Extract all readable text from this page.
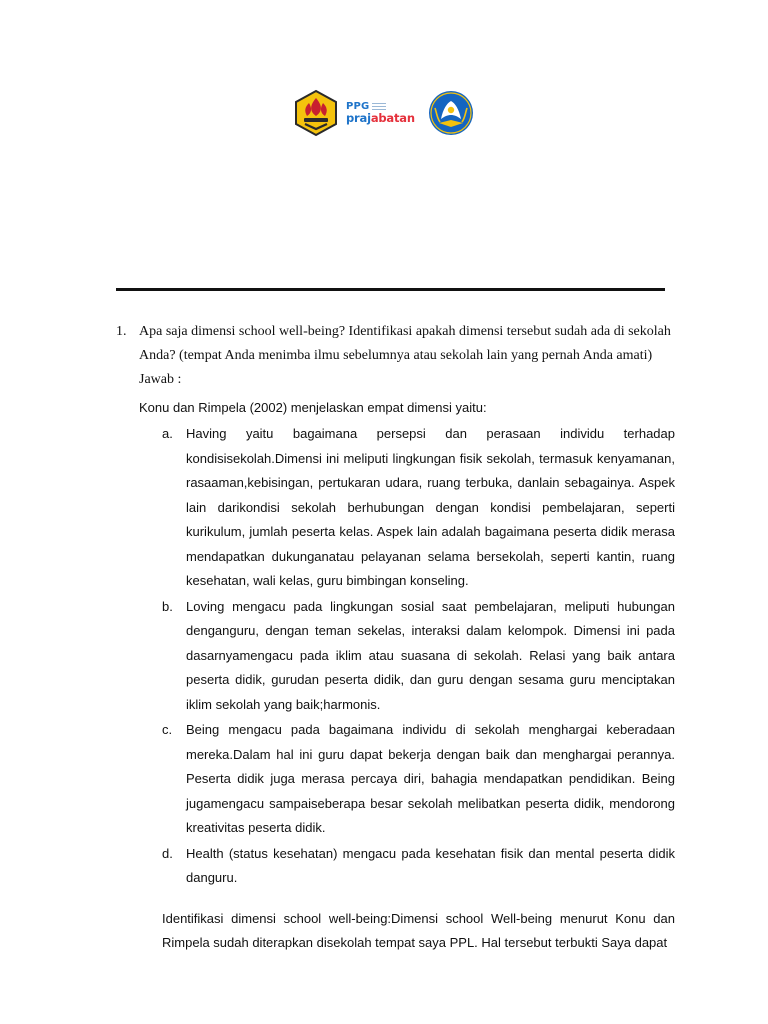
PPG
prajabatan
1. Apa saja dimensi school well-being? Identifikasi apakah dimensi tersebut sudah ada di sekolah Anda? (tempat Anda menimba ilmu sebelumnya atau sekolah lain yang pernah Anda amati)
Jawab :
Konu dan Rimpela (2002) menjelaskan empat dimensi yaitu:
a. Having yaitu bagaimana persepsi dan perasaan individu terhadap kondisisekolah.Dimensi ini meliputi lingkungan fisik sekolah, termasuk kenyamanan, rasaaman,kebisingan, pertukaran udara, ruang terbuka, danlain sebagainya. Aspek lain darikondisi sekolah berhubungan dengan kondisi pembelajaran, seperti kurikulum, jumlah peserta kelas. Aspek lain adalah bagaimana peserta didik merasa mendapatkan dukunganatau pelayanan selama bersekolah, seperti kantin, ruang kesehatan, wali kelas, guru bimbingan konseling.
b. Loving mengacu pada lingkungan sosial saat pembelajaran, meliputi hubungan denganguru, dengan teman sekelas, interaksi dalam kelompok. Dimensi ini pada dasarnyamengacu pada iklim atau suasana di sekolah. Relasi yang baik antara peserta didik, gurudan peserta didik, dan guru dengan sesama guru menciptakan iklim sekolah yang baik;harmonis.
c. Being mengacu pada bagaimana individu di sekolah menghargai keberadaan mereka.Dalam hal ini guru dapat bekerja dengan baik dan menghargai perannya. Peserta didik juga merasa percaya diri, bahagia mendapatkan pendidikan. Being jugamengacu sampaiseberapa besar sekolah melibatkan peserta didik, mendorong kreativitas peserta didik.
d. Health (status kesehatan) mengacu pada kesehatan fisik dan mental peserta didik danguru.
Identifikasi dimensi school well-being:Dimensi school Well-being menurut Konu dan Rimpela sudah diterapkan disekolah tempat saya PPL. Hal tersebut terbukti Saya dapat
